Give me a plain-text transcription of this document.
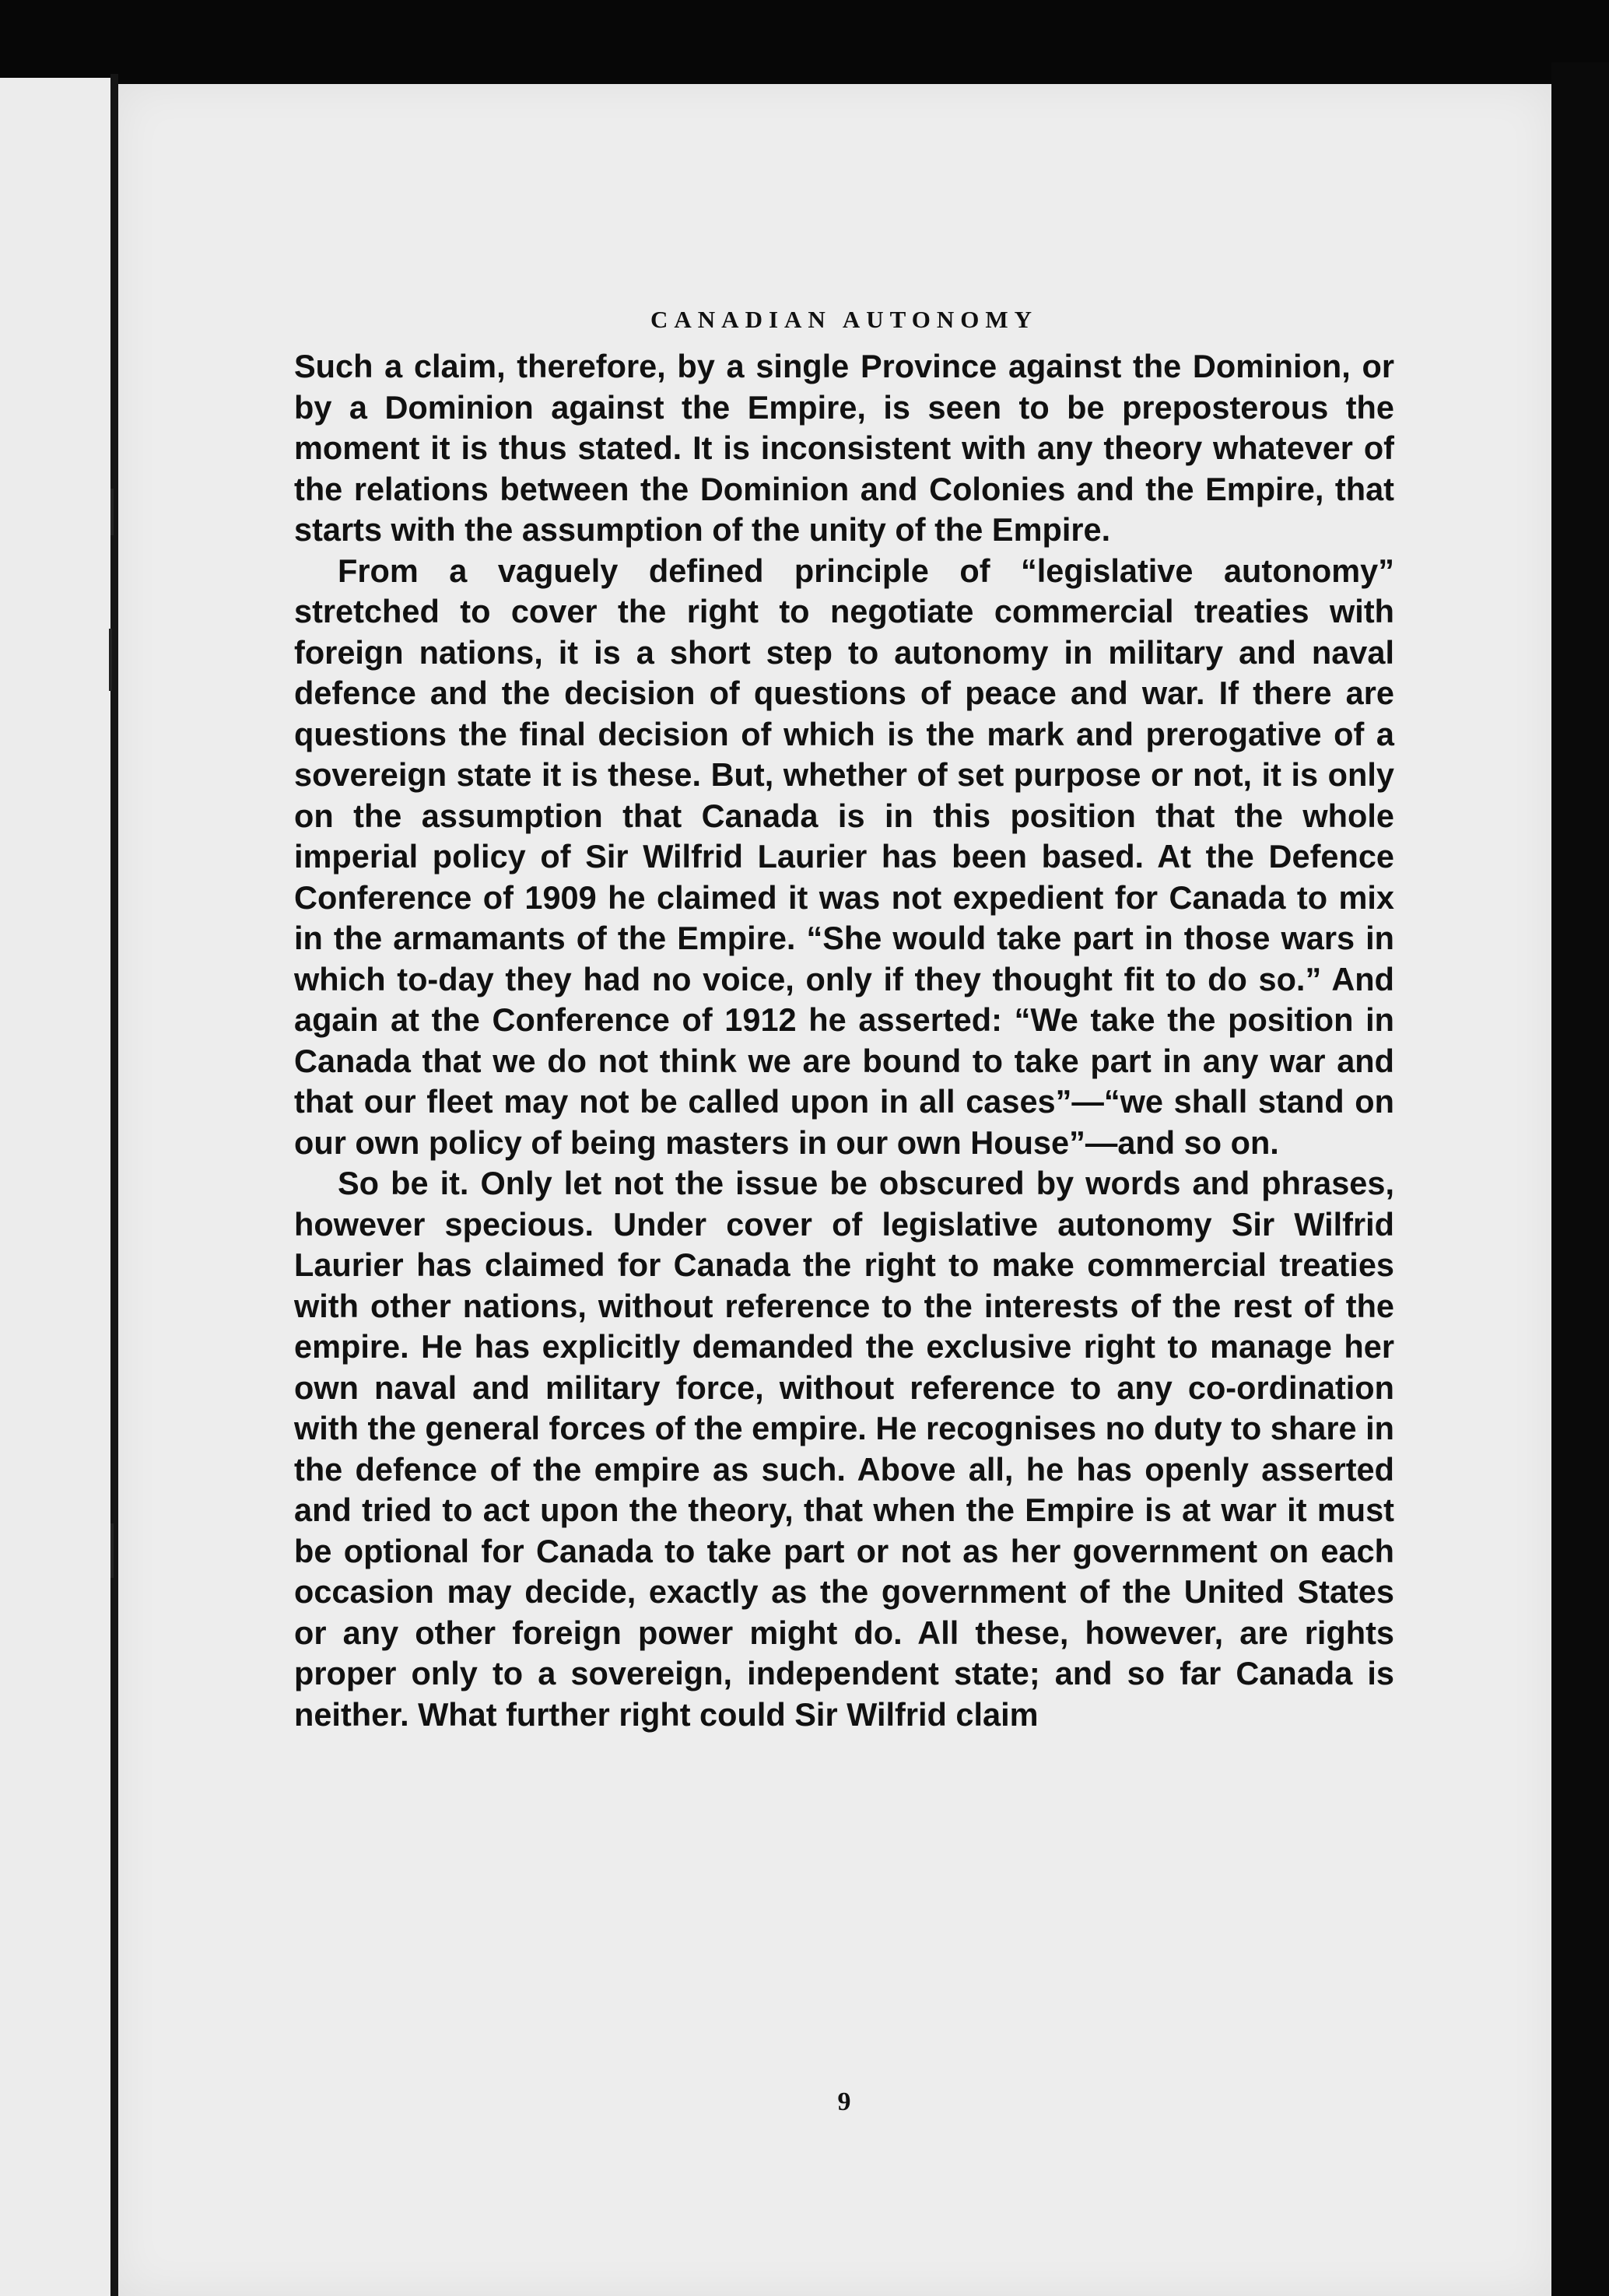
CANADIAN AUTONOMY

Such a claim, therefore, by a single Province against the Dominion, or by a Dominion against the Empire, is seen to be preposterous the moment it is thus stated. It is inconsistent with any theory whatever of the relations between the Dominion and Colonies and the Empire, that starts with the assumption of the unity of the Empire.

From a vaguely defined principle of “legislative autonomy” stretched to cover the right to negotiate commercial treaties with foreign nations, it is a short step to autonomy in military and naval defence and the decision of questions of peace and war. If there are questions the final decision of which is the mark and prerogative of a sovereign state it is these. But, whether of set purpose or not, it is only on the assumption that Canada is in this position that the whole imperial policy of Sir Wilfrid Laurier has been based. At the Defence Conference of 1909 he claimed it was not expedient for Canada to mix in the armamants of the Empire. “She would take part in those wars in which to-day they had no voice, only if they thought fit to do so.” And again at the Conference of 1912 he asserted: “We take the position in Canada that we do not think we are bound to take part in any war and that our fleet may not be called upon in all cases”—“we shall stand on our own policy of being masters in our own House”—and so on.

So be it. Only let not the issue be obscured by words and phrases, however specious. Under cover of legislative autonomy Sir Wilfrid Laurier has claimed for Canada the right to make commercial treaties with other nations, without reference to the interests of the rest of the empire. He has explicitly demanded the exclusive right to manage her own naval and military force, without reference to any co-ordination with the general forces of the empire. He recognises no duty to share in the defence of the empire as such. Above all, he has openly asserted and tried to act upon the theory, that when the Empire is at war it must be optional for Canada to take part or not as her government on each occasion may decide, exactly as the government of the United States or any other foreign power might do. All these, however, are rights proper only to a sovereign, independent state; and so far Canada is neither. What further right could Sir Wilfrid claim

9
